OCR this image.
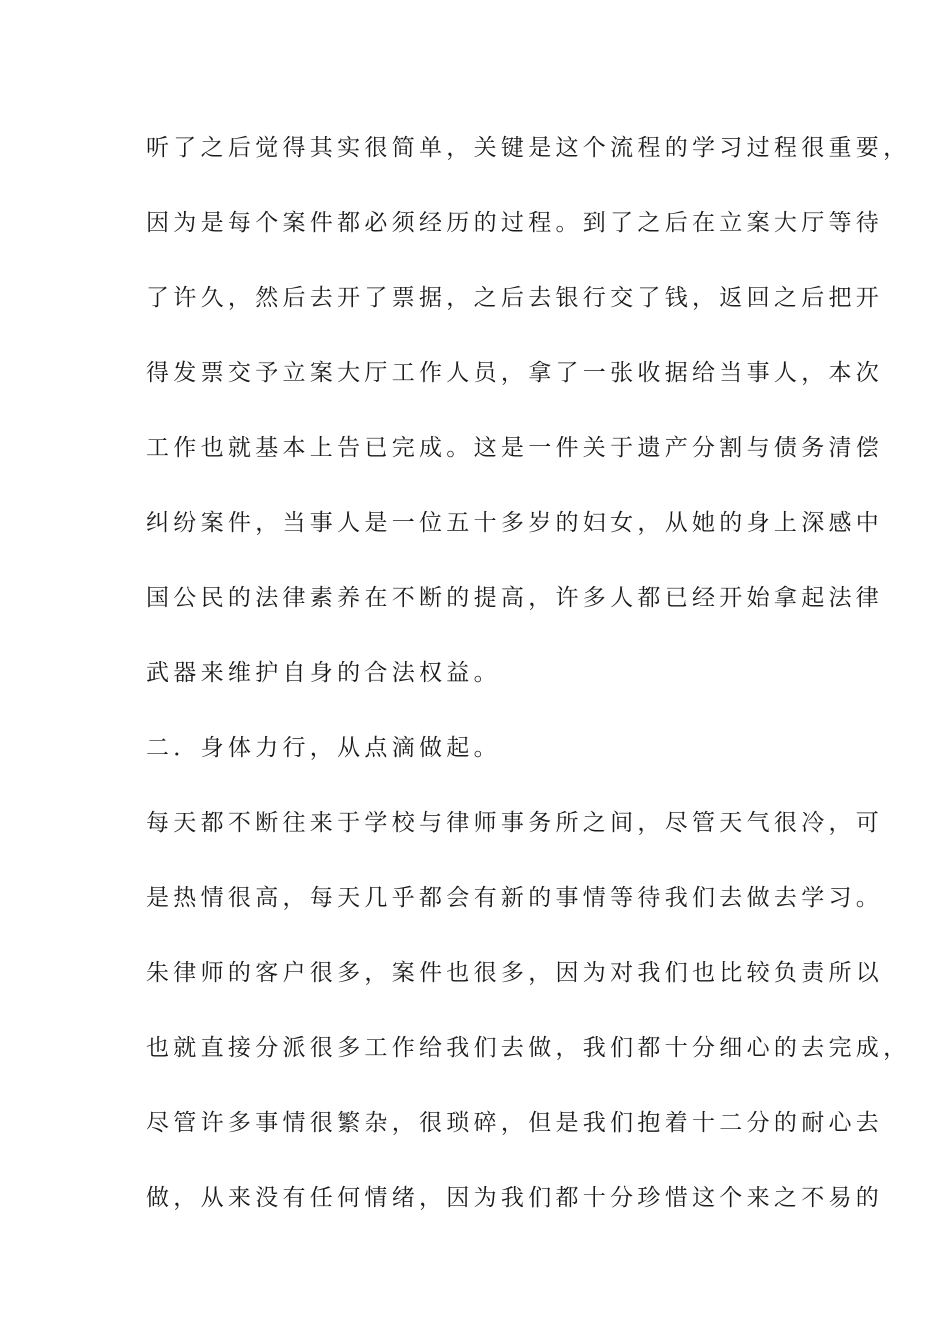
听了之后觉得其实很简单，关键是这个流程的学习过程很重要，
因为是每个案件都必须经历的过程。到了之后在立案大厅等待
了许久，然后去开了票据，之后去银行交了钱，返回之后把开
得发票交予立案大厅工作人员，拿了一张收据给当事人，本次
工作也就基本上告已完成。这是一件关于遗产分割与债务清偿
纠纷案件，当事人是一位五十多岁的妇女，从她的身上深感中
国公民的法律素养在不断的提高，许多人都已经开始拿起法律
武器来维护自身的合法权益。
二．身体力行，从点滴做起。
每天都不断往来于学校与律师事务所之间，尽管天气很冷，可
是热情很高，每天几乎都会有新的事情等待我们去做去学习。
朱律师的客户很多，案件也很多，因为对我们也比较负责所以
也就直接分派很多工作给我们去做，我们都十分细心的去完成，
尽管许多事情很繁杂，很琐碎，但是我们抱着十二分的耐心去
做，从来没有任何情绪，因为我们都十分珍惜这个来之不易的
